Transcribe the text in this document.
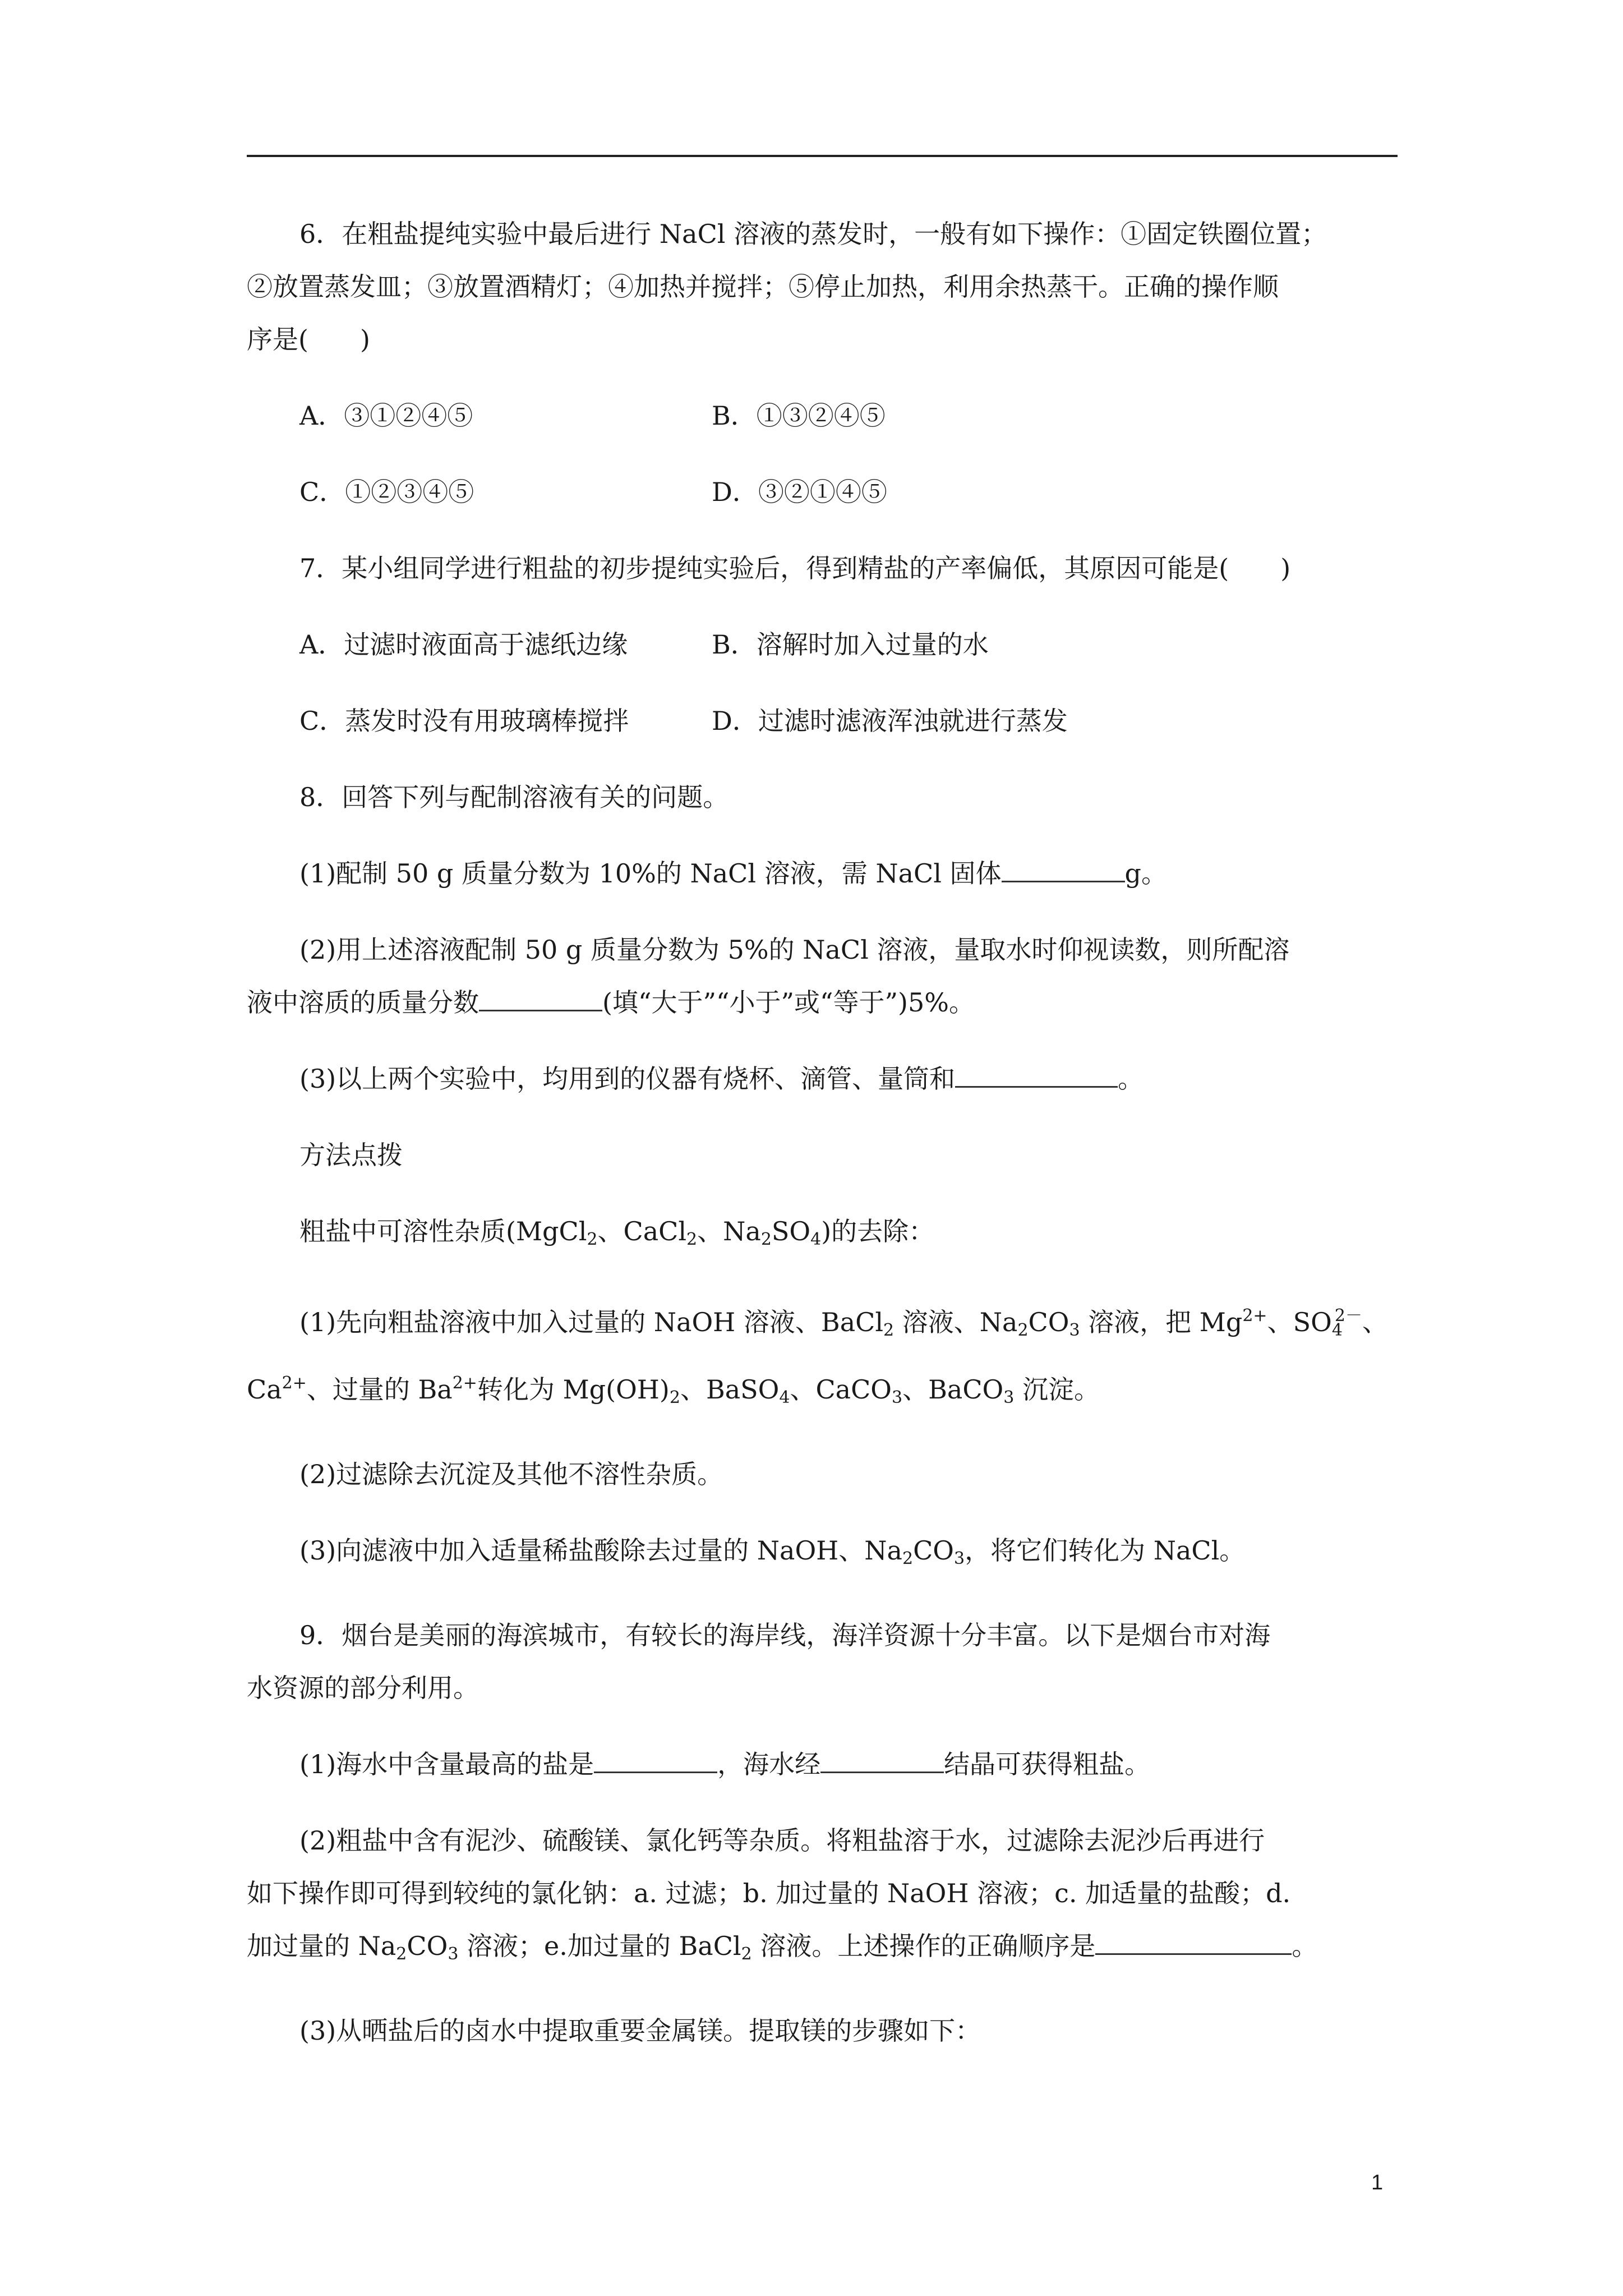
6．在粗盐提纯实验中最后进行 NaCl 溶液的蒸发时，一般有如下操作：①固定铁圈位置；
②放置蒸发皿；③放置酒精灯；④加热并搅拌；⑤停止加热，利用余热蒸干。正确的操作顺
序是(　　)
A．③①②④⑤	B．①③②④⑤
C．①②③④⑤	D．③②①④⑤
7．某小组同学进行粗盐的初步提纯实验后，得到精盐的产率偏低，其原因可能是(　　)
A．过滤时液面高于滤纸边缘	B．溶解时加入过量的水
C．蒸发时没有用玻璃棒搅拌	D．过滤时滤液浑浊就进行蒸发
8．回答下列与配制溶液有关的问题。
(1)配制 50 g 质量分数为 10%的 NaCl 溶液，需 NaCl 固体	g。
(2)用上述溶液配制 50 g 质量分数为 5%的 NaCl 溶液，量取水时仰视读数，则所配溶
液中溶质的质量分数	(填“大于”“小于”或“等于”)5%。
(3)以上两个实验中，均用到的仪器有烧杯、滴管、量筒和	。
方法点拨
粗盐中可溶性杂质(MgCl$_2$、CaCl$_2$、$Na_2SO_4$)的去除：
(1)先向粗盐溶液中加入过量的 NaOH 溶液、BaCl$_2$ 溶液、$Na_2CO_3$ 溶液，把 $Mg^{2+}$、$SO_4^{2-}$、
$Ca^{2+}$、过量的 $Ba^{2+}$转化为 $Mg(OH)_2$、BaSO$_4$、CaCO$_3$、BaCO$_3$ 沉淀。
(2)过滤除去沉淀及其他不溶性杂质。
(3)向滤液中加入适量稀盐酸除去过量的 NaOH、$Na_2CO_3$，将它们转化为 NaCl。
9．烟台是美丽的海滨城市，有较长的海岸线，海洋资源十分丰富。以下是烟台市对海
水资源的部分利用。
(1)海水中含量最高的盐是	，海水经	结晶可获得粗盐。
(2)粗盐中含有泥沙、硫酸镁、氯化钙等杂质。将粗盐溶于水，过滤除去泥沙后再进行
如下操作即可得到较纯的氯化钠：a. 过滤；b. 加过量的 NaOH 溶液；c. 加适量的盐酸；d.
加过量的 $Na_2CO_3$ 溶液；e.加过量的 BaCl$_2$ 溶液。上述操作的正确顺序是	。
(3)从晒盐后的卤水中提取重要金属镁。提取镁的步骤如下：
1
